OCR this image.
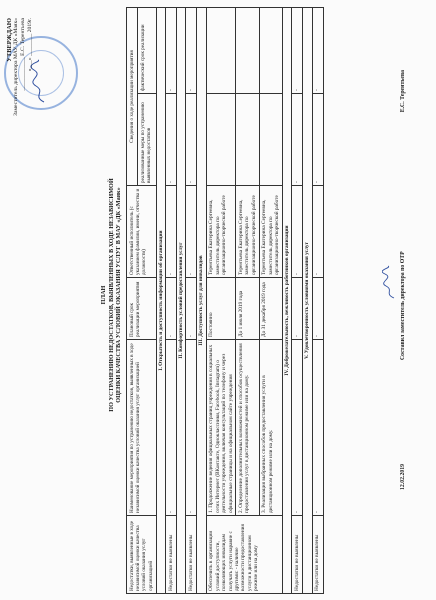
УТВЕРЖДАЮ Заместитель директора МАУ ДК «Маяк» ____________ Е.С. Терентьева «___» ________ 2019г.
ПЛАН ПО УСТРАНЕНИЮ НЕДОСТАТКОВ, ВЫЯВЛЕННЫХ В ХОДЕ НЕЗАВИСИМОЙ ОЦЕНКИ КАЧЕСТВА УСЛОВИЙ ОКАЗАНИЯ УСЛУГ В МАУ «ДК «Маяк»
Недостатки, выявленные в ходе независимой оценки качества условий оказания услуг организацией	Наименование мероприятия по устранению недостатков, выявленных в ходе независимой оценки качества условий оказания услуг организацией	Плановый срок реализации мероприятия	Ответственный исполнитель (с указанием фамилии, имени, отчества и должности)	Сведения о ходе реализации мероприятия	
				реализованные меры по устранению выявленных недостатков	фактический срок реализации
I. Открытость и доступность информации об организации					
Недостатки не выявлены	-	-	-	-	-
II. Комфортность условий предоставления услуг					
Недостатки не выявлены	-	-	-	-	-
III. Доступность услуг для инвалидов					
Обеспечить в организации условий доступности, позволяющих инвалидам получать услуги наравне с другими: - наличие возможности предоставления услуги в дистанционном режиме или на дому	1. Продолжение ведения официальных страниц учреждения в социальных сетях Интернет (ВКонтакте, Одноклассники, Facebook, Instagram) о деятельности учреждения, включая консультаций по телефону и через официальные страницы и на официальном сайте учреждения	Постоянно	Терентьева Екатерина Сергеевна, заместитель директора по организационно-творческой работе		
	2. Определение дополнительных возможностей и способов осуществления предоставления услуг в дистанционном режиме или на дому.	До 1 июля 2019 года	Терентьева Екатерина Сергеевна, заместитель директора по организационно-творческой работе		
	3. Реализация выбранных способов предоставления услуги в дистанционном режиме или на дому.	До 31 декабря 2019 года	Терентьева Екатерина Сергеевна, заместитель директора по организационно-творческой работе		
IV. Доброжелательность, вежливость работников организации					
Недостатки не выявлены	-	-	-	-	-
V. Удовлетворенность условиями оказания услуг					
Недостатки не выявлены	-	-	-	-	-
12.02.2019
Составил заместитель директора по ОТР
Е.С. Терентьева
